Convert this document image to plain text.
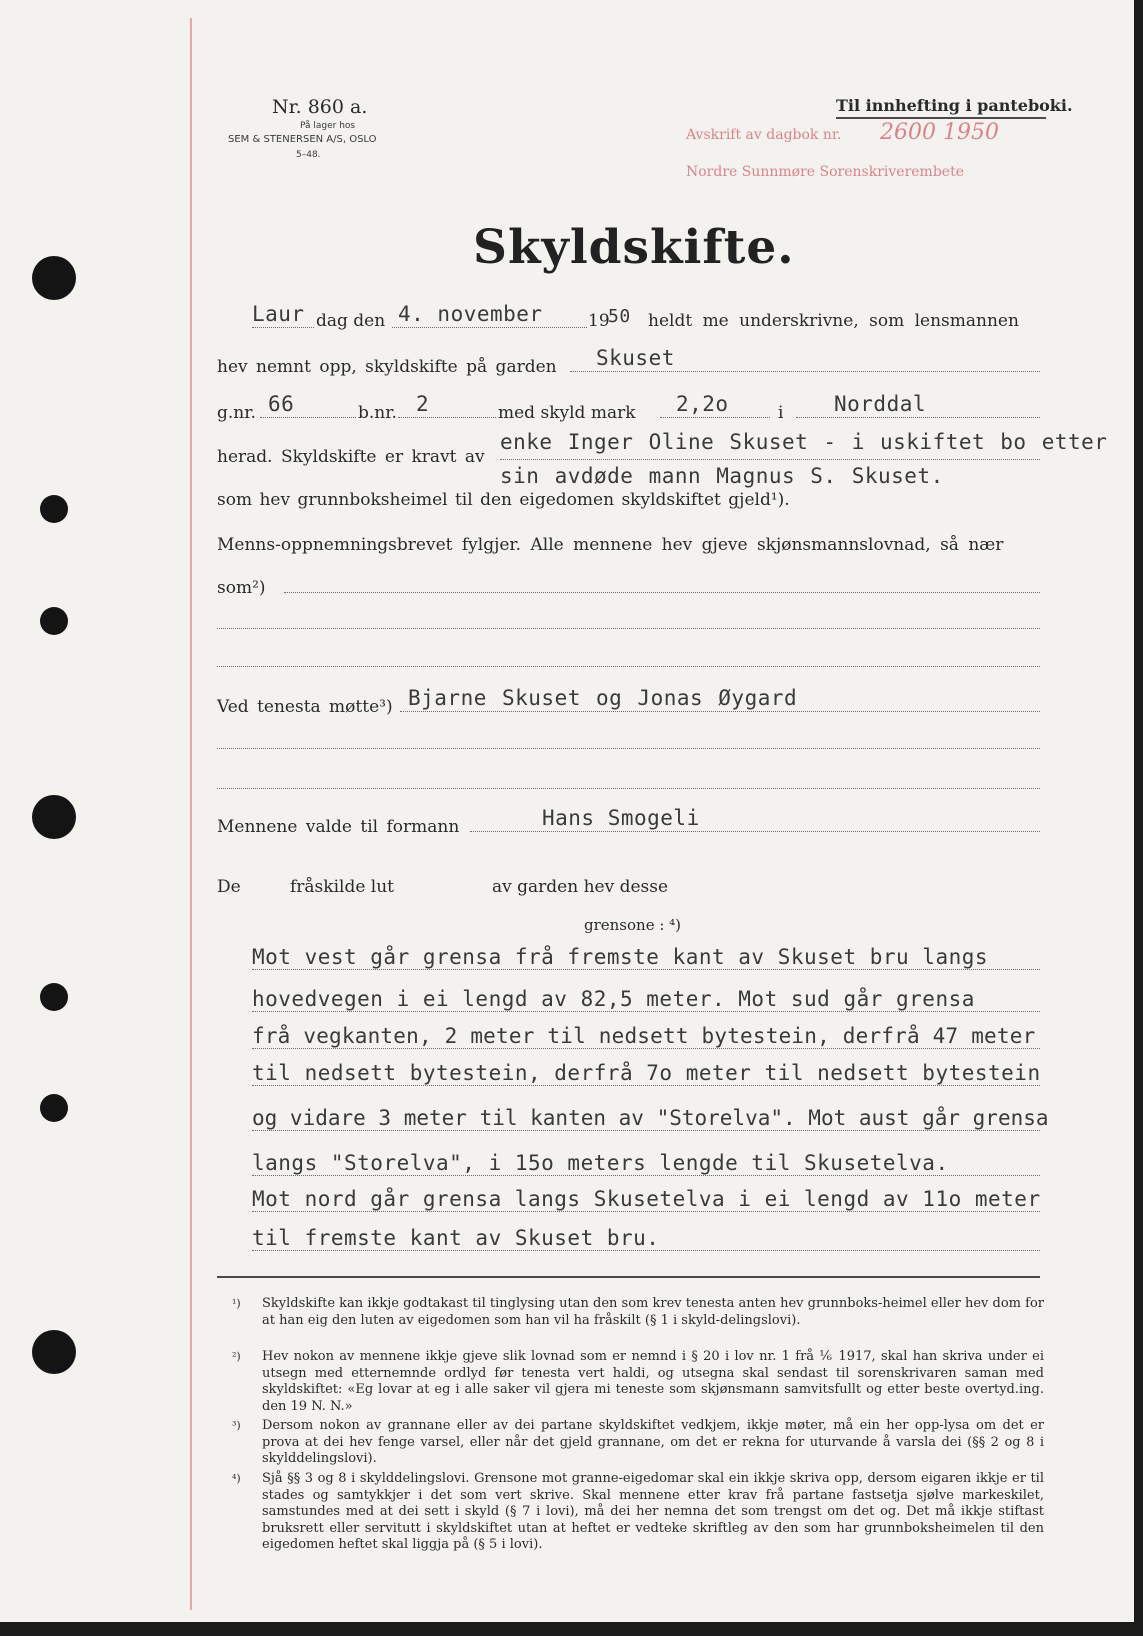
Nr. 860 a.
På lager hos
SEM & STENERSEN A/S, OSLO
5–48.
Til innhefting i panteboki.
Avskrift av dagbok nr. 2600 1950
Nordre Sunnmøre Sorenskriverembete
Skyldskifte.
Laur dag den 4. november	19
50 heldt me underskrivne, som lensmannen
hev nemnt opp, skyldskifte på garden Skuset
g.nr. 66	b.nr. 2	med skyld mark 2,2o	i Norddal
herad. Skyldskifte er kravt av
enke Inger Oline Skuset - i uskiftet bo etter
sin avdøde mann Magnus S. Skuset.
som hev grunnboksheimel til den eigedomen skyldskiftet gjeld¹).
Menns-oppnemningsbrevet fylgjer. Alle mennene hev gjeve skjønsmannslovnad, så nær
som²)
Ved tenesta møtte³) Bjarne Skuset og Jonas Øygard
Mennene valde til formann	Hans Smogeli
De	fråskilde lut	av garden hev desse
grensone : ⁴)
Mot vest går grensa frå fremste kant av Skuset bru langs
hovedvegen i ei lengd av 82,5 meter. Mot sud går grensa
frå vegkanten, 2 meter til nedsett bytestein, derfrå 47 meter
til nedsett bytestein, derfrå 7o meter til nedsett bytestein
og vidare 3 meter til kanten av "Storelva". Mot aust går grensa
langs "Storelva", i 15o meters lengde til Skusetelva.
Mot nord går grensa langs Skusetelva i ei lengd av 11o meter
til fremste kant av Skuset bru.
¹) Skyldskifte kan ikkje godtakast til tinglysing utan den som krev tenesta anten hev grunnboks-heimel eller hev dom for at han eig den luten av eigedomen som han vil ha fråskilt (§ 1 i skyld-delingslovi).
²) Hev nokon av mennene ikkje gjeve slik lovnad som er nemnd i § 20 i lov nr. 1 frå ⅙ 1917, skal han skriva under ei utsegn med etternemnde ordlyd før tenesta vert haldi, og utsegna skal sendast til sorenskrivaren saman med skyldskiftet: «Eg lovar at eg i alle saker vil gjera mi teneste som skjønsmann samvitsfullt og etter beste overtyd.ing. den 19 N. N.»
³) Dersom nokon av grannane eller av dei partane skyldskiftet vedkjem, ikkje møter, må ein her opp-lysa om det er prova at dei hev fenge varsel, eller når det gjeld grannane, om det er rekna for uturvande å varsla dei (§§ 2 og 8 i skylddelingslovi).
⁴) Sjå §§ 3 og 8 i skylddelingslovi. Grensone mot granne-eigedomar skal ein ikkje skriva opp, dersom eigaren ikkje er til stades og samtykkjer i det som vert skrive. Skal mennene etter krav frå partane fastsetja sjølve markeskilet, samstundes med at dei sett i skyld (§ 7 i lovi), må dei her nemna det som trengst om det og. Det må ikkje stiftast bruksrett eller servitutt i skyldskiftet utan at heftet er vedteke skriftleg av den som har grunnboksheimelen til den eigedomen heftet skal liggja på (§ 5 i lovi).
